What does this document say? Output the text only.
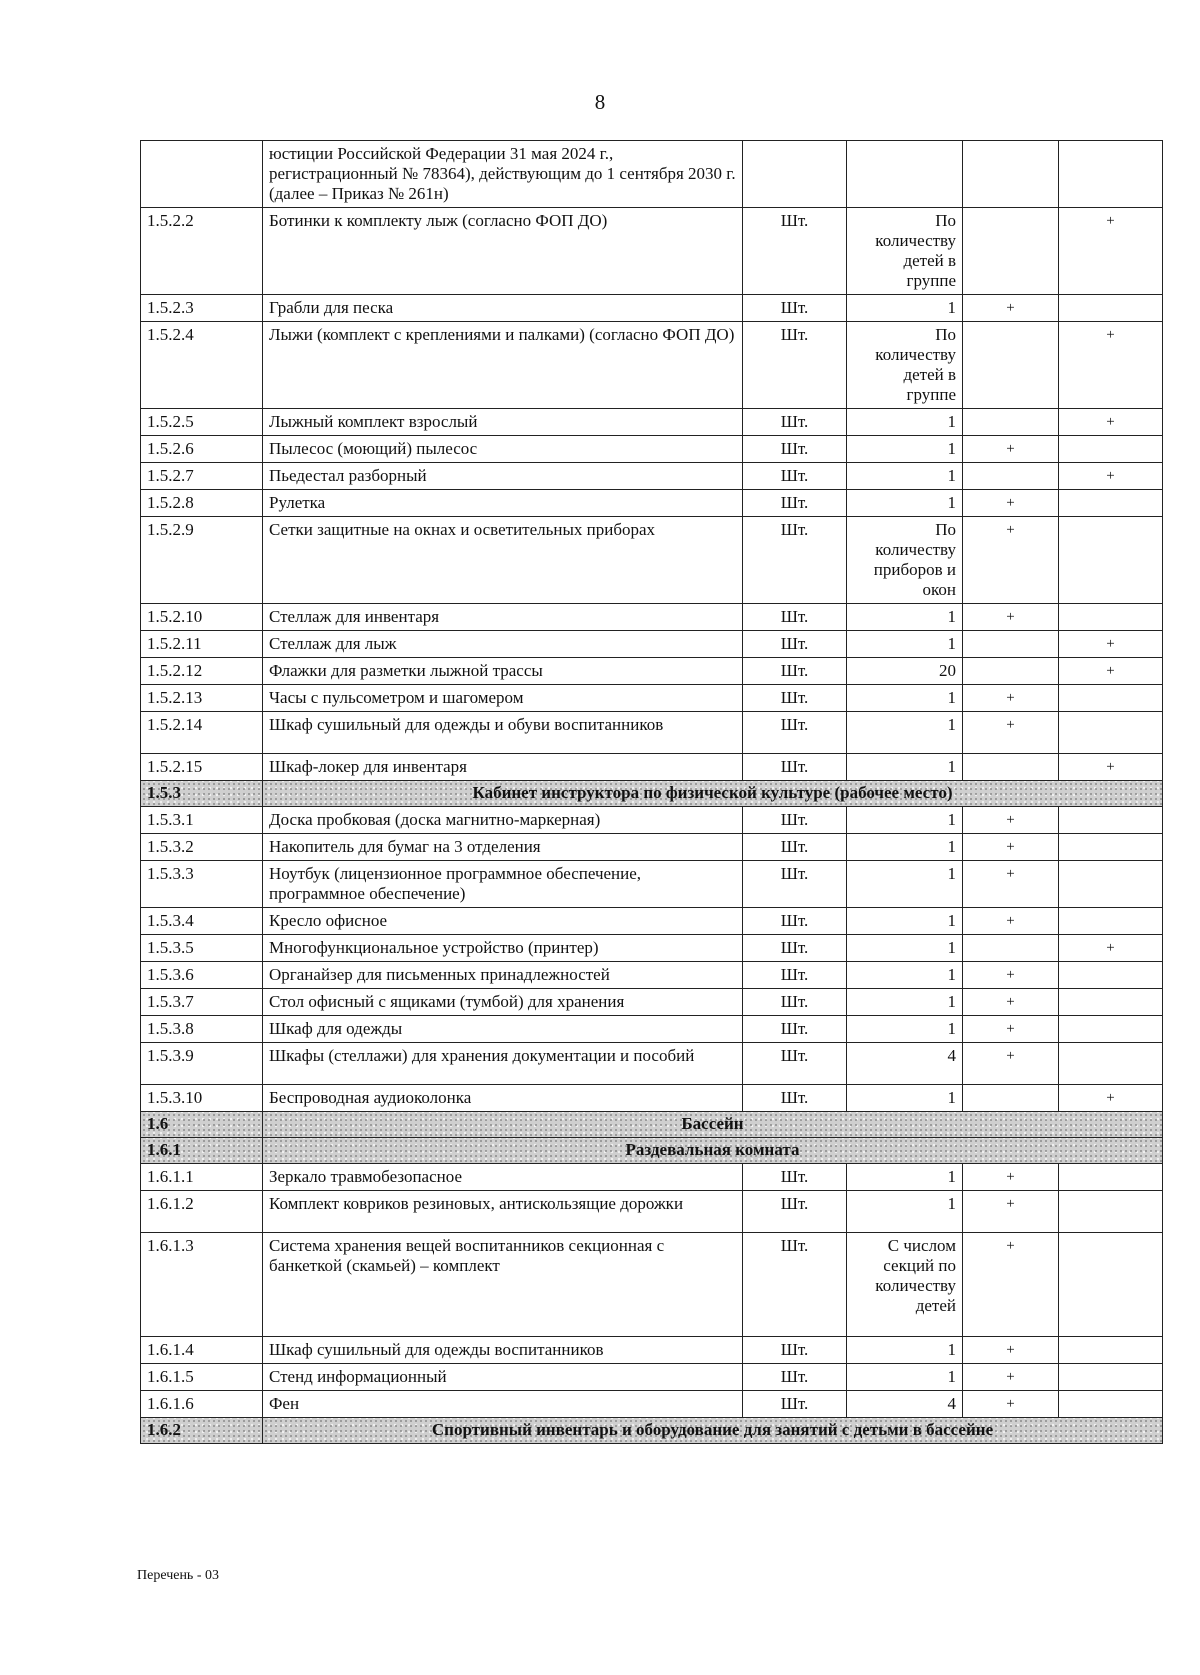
8
	юстиции Российской Федерации 31 мая 2024 г., регистрационный № 78364), действующим до 1 сентября 2030 г. (далее – Приказ № 261н)				
1.5.2.2	Ботинки к комплекту лыж (согласно ФОП ДО)	Шт.	По количеству детей в группе		+
1.5.2.3	Грабли для песка	Шт.	1	+	
1.5.2.4	Лыжи (комплект с креплениями и палками) (согласно ФОП ДО)	Шт.	По количеству детей в группе		+
1.5.2.5	Лыжный комплект взрослый	Шт.	1		+
1.5.2.6	Пылесос (моющий) пылесос	Шт.	1	+	
1.5.2.7	Пьедестал разборный	Шт.	1		+
1.5.2.8	Рулетка	Шт.	1	+	
1.5.2.9	Сетки защитные на окнах и осветительных приборах	Шт.	По количеству приборов и окон	+	
1.5.2.10	Стеллаж для инвентаря	Шт.	1	+	
1.5.2.11	Стеллаж для лыж	Шт.	1		+
1.5.2.12	Флажки для разметки лыжной трассы	Шт.	20		+
1.5.2.13	Часы с пульсометром и шагомером	Шт.	1	+	
1.5.2.14	Шкаф сушильный для одежды и обуви воспитанников	Шт.	1	+	
1.5.2.15	Шкаф-локер для инвентаря	Шт.	1		+
1.5.3	Кабинет инструктора по физической культуре (рабочее место)				
1.5.3.1	Доска пробковая (доска магнитно-маркерная)	Шт.	1	+	
1.5.3.2	Накопитель для бумаг на 3 отделения	Шт.	1	+	
1.5.3.3	Ноутбук (лицензионное программное обеспечение, программное обеспечение)	Шт.	1	+	
1.5.3.4	Кресло офисное	Шт.	1	+	
1.5.3.5	Многофункциональное устройство (принтер)	Шт.	1		+
1.5.3.6	Органайзер для письменных принадлежностей	Шт.	1	+	
1.5.3.7	Стол офисный с ящиками (тумбой) для хранения	Шт.	1	+	
1.5.3.8	Шкаф для одежды	Шт.	1	+	
1.5.3.9	Шкафы (стеллажи) для хранения документации и пособий	Шт.	4	+	
1.5.3.10	Беспроводная аудиоколонка	Шт.	1		+
1.6	Бассейн				
1.6.1	Раздевальная комната				
1.6.1.1	Зеркало травмобезопасное	Шт.	1	+	
1.6.1.2	Комплект ковриков резиновых, антискользящие дорожки	Шт.	1	+	
1.6.1.3	Система хранения вещей воспитанников секционная с банкеткой (скамьей) – комплект	Шт.	С числом секций по количеству детей	+	
1.6.1.4	Шкаф сушильный для одежды воспитанников	Шт.	1	+	
1.6.1.5	Стенд информационный	Шт.	1	+	
1.6.1.6	Фен	Шт.	4	+	
1.6.2	Спортивный инвентарь и оборудование для занятий с детьми в бассейне				
Перечень - 03
